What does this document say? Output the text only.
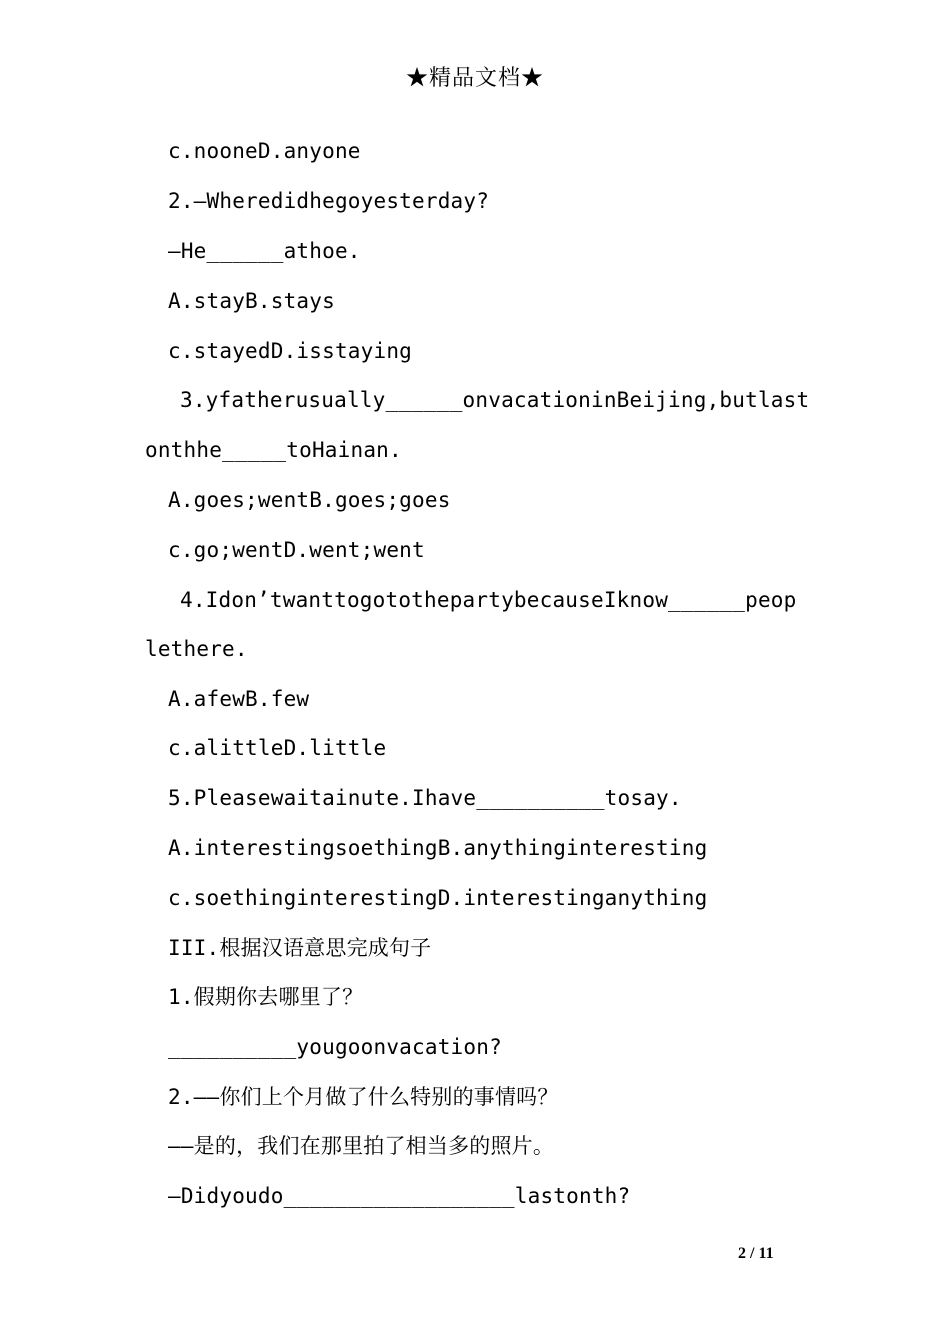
★精品文档★
c.nooneD.anyone
2.—Wheredidhegoyesterday?
—He______athoe.
A.stayB.stays
c.stayedD.isstaying
3.yfatherusually______onvacationinBeijing,butlast
onthhe_____toHainan.
A.goes;wentB.goes;goes
c.go;wentD.went;went
4.Idon’twanttogotothepartybecauseIknow______peop
lethere.
A.afewB.few
c.alittleD.little
5.Pleasewaitainute.Ihave__________tosay.
A.interestingsoethingB.anythinginteresting
c.soethinginterestingD.interestinganything
III.根据汉语意思完成句子
1.假期你去哪里了？
__________yougoonvacation?
2.——你们上个月做了什么特别的事情吗？
——是的，我们在那里拍了相当多的照片。
—Didyoudo__________________lastonth?
2 / 11
